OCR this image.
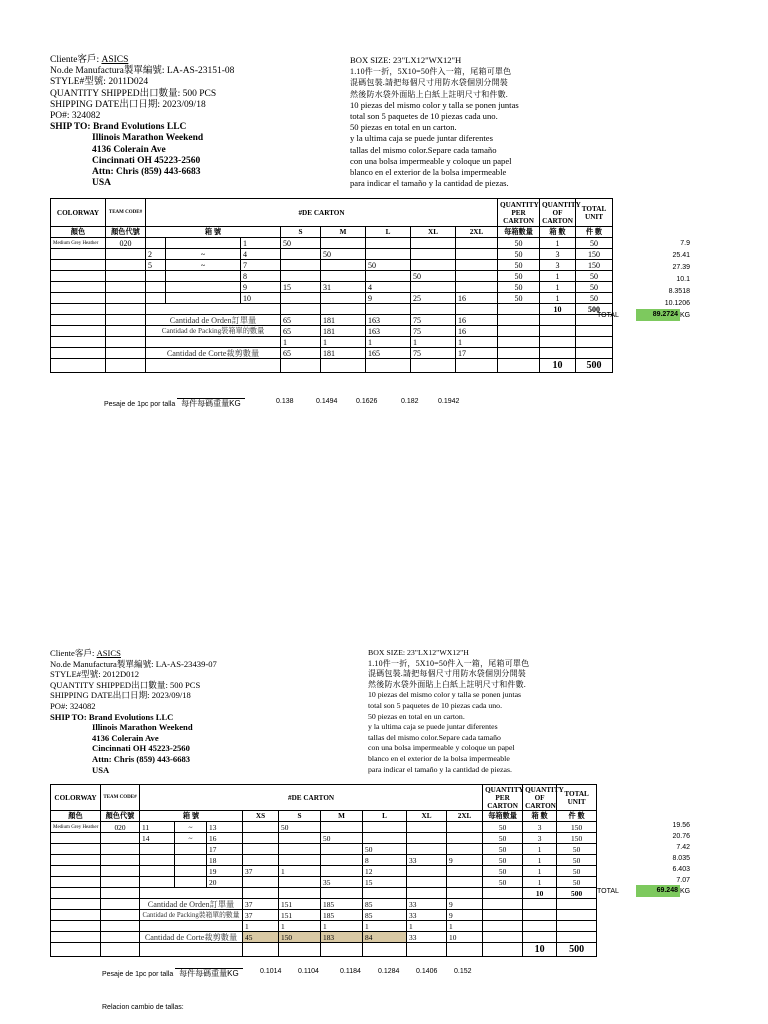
Cliente客戶: ASICS
No.de Manufactura製單編號: LA-AS-23151-08
STYLE#型號: 2011D024
QUANTITY SHIPPED出口數量: 500 PCS
SHIPPING DATE出口日期: 2023/09/18
PO#: 324082
SHIP TO: Brand Evolutions LLC
Illinois Marathon Weekend
4136 Colerain Ave
Cincinnati OH 45223-2560
Attn: Chris (859) 443-6683
USA
BOX SIZE: 23"LX12"WX12"H
1.10件一折，5X10=50件入一箱，尾箱可單色
混碼包裝.請把每個尺寸用防水袋個別分開裝
然後防水袋外面貼上白紙上註明尺寸和件數.
10 piezas del mismo color y talla se ponen juntas
total son 5 paquetes de 10 piezas cada uno.
50 piezas en total en un carton.
y la ultima caja se puede juntar diferentes
tallas del mismo color.Separe cada tamaño
con una bolsa impermeable y coloque un papel
blanco en el exterior de la bolsa impermeable
para indicar el tamaño y la cantidad de piezas.
COLORWAY	TEAM CODE#	#DE CARTON								QUANTITY PER CARTON	QUANTITY OF CARTON	TOTAL UNIT
顏色	顏色代號	箱 號			S	M	L	XL	2XL	每箱數量	箱 數	件 數
Medium Grey Heather	020			1	50					50	1	50
		2	~	4		50				50	3	150
		5	~	7			50			50	3	150
				8				50		50	1	50
				9	15	31	4			50	1	50
				10			9	25	16	50	1	50
											10	500
		Cantidad de Orden訂單量			65	181	163	75	16			
		Cantidad de Packing裝箱單的數量			65	181	163	75	16			
					1	1	1	1	1			
		Cantidad de Corte裁剪數量			65	181	165	75	17			
											10	500
7.9
25.41
27.39
10.1
8.3518
10.1206
TOTAL	89.2724 KG
Pesaje de 1pc por talla 每件每碼重量KG	0.138	0.1494	0.1626	0.182	0.1942
Cliente客戶: ASICS
No.de Manufactura製單編號: LA-AS-23439-07
STYLE#型號: 2012D012
QUANTITY SHIPPED出口數量: 500 PCS
SHIPPING DATE出口日期: 2023/09/18
PO#: 324082
SHIP TO: Brand Evolutions LLC
Illinois Marathon Weekend
4136 Colerain Ave
Cincinnati OH 45223-2560
Attn: Chris (859) 443-6683
USA
BOX SIZE: 23"LX12"WX12"H
1.10件一折，5X10=50件入一箱，尾箱可單色
混碼包裝.請把每個尺寸用防水袋個別分開裝
然後防水袋外面貼上白紙上註明尺寸和件數.
10 piezas del mismo color y talla se ponen juntas
total son 5 paquetes de 10 piezas cada uno.
50 piezas en total en un carton.
y la ultima caja se puede juntar diferentes
tallas del mismo color.Separe cada tamaño
con una bolsa impermeable y coloque un papel
blanco en el exterior de la bolsa impermeable
para indicar el tamaño y la cantidad de piezas.
COLORWAY	TEAM CODE#	#DE CARTON									QUANTITY PER CARTON	QUANTITY OF CARTON	TOTAL UNIT
顏色	顏色代號	箱 號			XS	S	M	L	XL	2XL	每箱數量	箱 數	件 數
Medium Grey Heather	020	11	~	13		50					50	3	150
		14	~	16			50				50	3	150
				17				50			50	1	50
				18				8	33	9	50	1	50
				19	37	1		12			50	1	50
				20			35	15			50	1	50
												10	500
		Cantidad de Orden訂單量			37	151	185	85	33	9			
		Cantidad de Packing裝箱單的數量			37	151	185	85	33	9			
					1	1	1	1	1	1			
		Cantidad de Corte裁剪數量			45	150	183	84	33	10			
												10	500
19.56
20.76
7.42
8.035
6.403
7.07
TOTAL	69.248 KG
Pesaje de 1pc por talla 每件每碼重量KG	0.1014 0.1104	0.1184 0.1284 0.1406 0.152
Relacion cambio de tallas:
